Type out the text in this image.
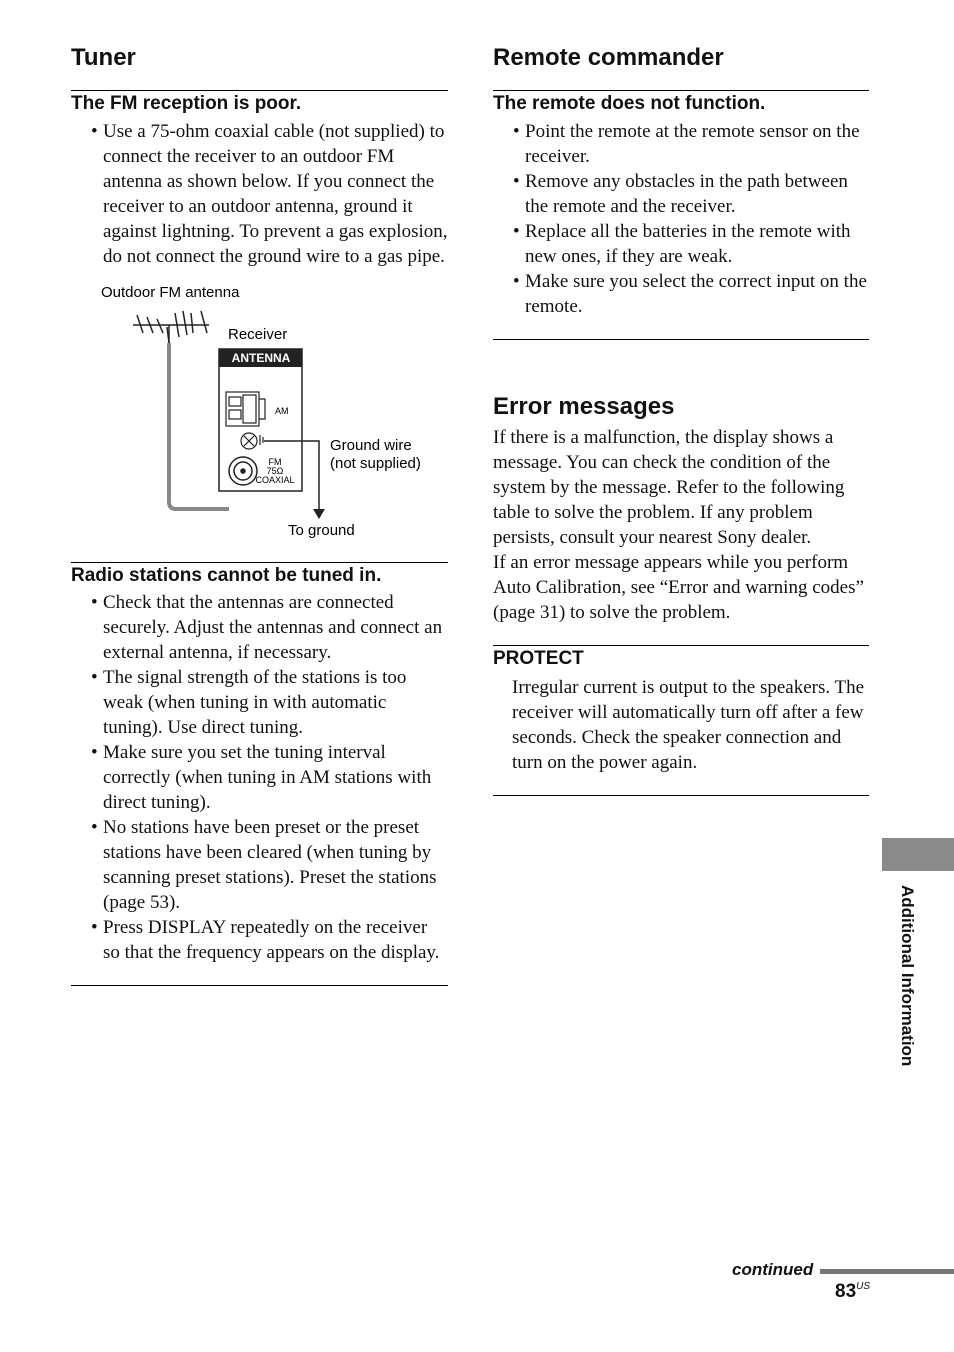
Tuner
The FM reception is poor.
• Use a 75-ohm coaxial cable (not supplied) to connect the receiver to an outdoor FM antenna as shown below. If you connect the receiver to an outdoor antenna, ground it against lightning. To prevent a gas explosion, do not connect the ground wire to a gas pipe.
Outdoor FM antenna
Receiver
ANTENNA
AM
FM
75Ω
COAXIAL
Ground wire
(not supplied)
To ground
Radio stations cannot be tuned in.
• Check that the antennas are connected securely. Adjust the antennas and connect an external antenna, if necessary.
• The signal strength of the stations is too weak (when tuning in with automatic tuning). Use direct tuning.
• Make sure you set the tuning interval correctly (when tuning in AM stations with direct tuning).
• No stations have been preset or the preset stations have been cleared (when tuning by scanning preset stations). Preset the stations (page 53).
• Press DISPLAY repeatedly on the receiver so that the frequency appears on the display.
Remote commander
The remote does not function.
• Point the remote at the remote sensor on the receiver.
• Remove any obstacles in the path between the remote and the receiver.
• Replace all the batteries in the remote with new ones, if they are weak.
• Make sure you select the correct input on the remote.
Error messages

If there is a malfunction, the display shows a message. You can check the condition of the system by the message. Refer to the following table to solve the problem. If any problem persists, consult your nearest Sony dealer.

If an error message appears while you perform Auto Calibration, see “Error and warning codes” (page 31) to solve the problem.

PROTECT

Irregular current is output to the speakers. The receiver will automatically turn off after a few seconds. Check the speaker connection and turn on the power again.

Additional Information
continued
$83^{US}$
